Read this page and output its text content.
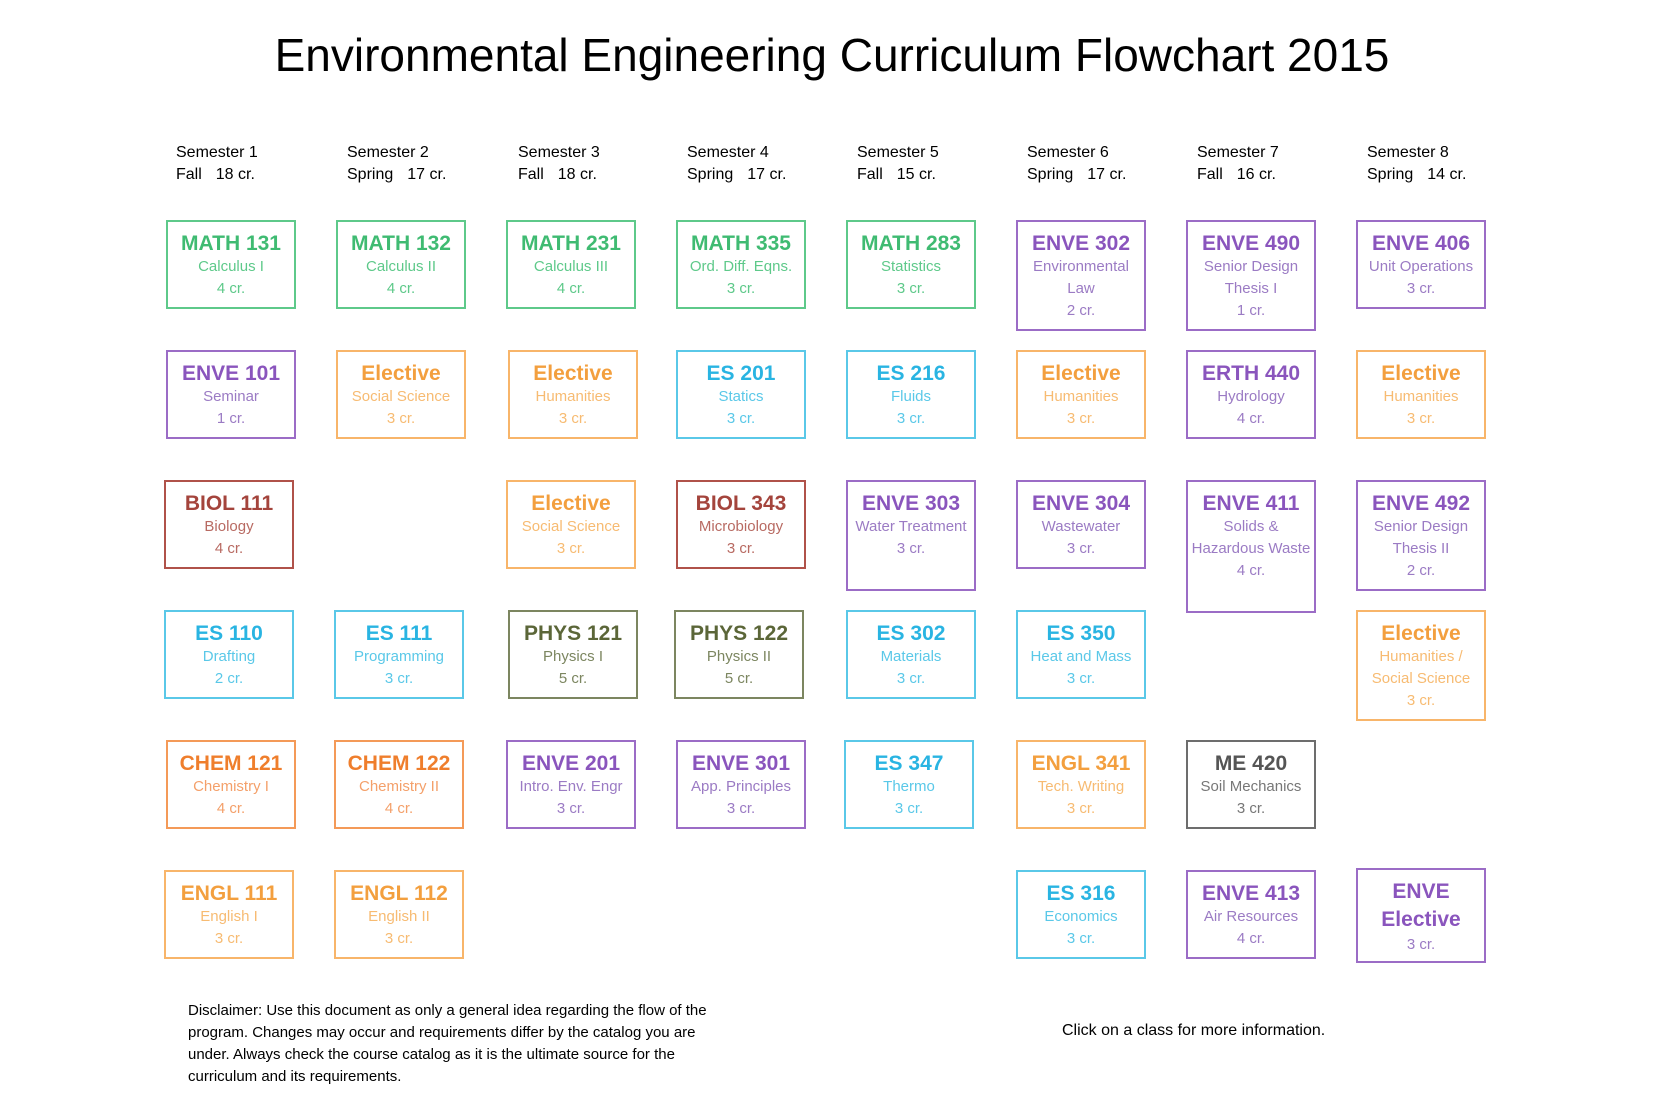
Environmental Engineering Curriculum Flowchart 2015
Semester 1
Fall 18 cr.
Semester 2
Spring 17 cr.
Semester 3
Fall 18 cr.
Semester 4
Spring 17 cr.
Semester 5
Fall 15 cr.
Semester 6
Spring 17 cr.
Semester 7
Fall 16 cr.
Semester 8
Spring 14 cr.
MATH 131
Calculus I
4 cr.
ENVE 101
Seminar
1 cr.
BIOL 111
Biology
4 cr.
ES 110
Drafting
2 cr.
CHEM 121
Chemistry I
4 cr.
ENGL 111
English I
3 cr.
MATH 132
Calculus II
4 cr.
Elective
Social Science
3 cr.
ES 111
Programming
3 cr.
CHEM 122
Chemistry II
4 cr.
ENGL 112
English II
3 cr.
MATH 231
Calculus III
4 cr.
Elective
Humanities
3 cr.
Elective
Social Science
3 cr.
PHYS 121
Physics I
5 cr.
ENVE 201
Intro. Env. Engr
3 cr.
MATH 335
Ord. Diff. Eqns.
3 cr.
ES 201
Statics
3 cr.
BIOL 343
Microbiology
3 cr.
PHYS 122
Physics II
5 cr.
ENVE 301
App. Principles
3 cr.
MATH 283
Statistics
3 cr.
ES 216
Fluids
3 cr.
ENVE 303
Water Treatment
3 cr.
ES 302
Materials
3 cr.
ES 347
Thermo
3 cr.
ENVE 302
Environmental Law
2 cr.
Elective
Humanities
3 cr.
ENVE 304
Wastewater
3 cr.
ES 350
Heat and Mass
3 cr.
ENGL 341
Tech. Writing
3 cr.
ES 316
Economics
3 cr.
ENVE 490
Senior Design Thesis I
1 cr.
ERTH 440
Hydrology
4 cr.
ENVE 411
Solids & Hazardous Waste
4 cr.
ME 420
Soil Mechanics
3 cr.
ENVE 413
Air Resources
4 cr.
ENVE 406
Unit Operations
3 cr.
Elective
Humanities
3 cr.
ENVE 492
Senior Design Thesis II
2 cr.
Elective
Humanities / Social Science
3 cr.
ENVE Elective
3 cr.
Disclaimer: Use this document as only a general idea regarding the flow of the program. Changes may occur and requirements differ by the catalog you are under. Always check the course catalog as it is the ultimate source for the curriculum and its requirements.
Click on a class for more information.
